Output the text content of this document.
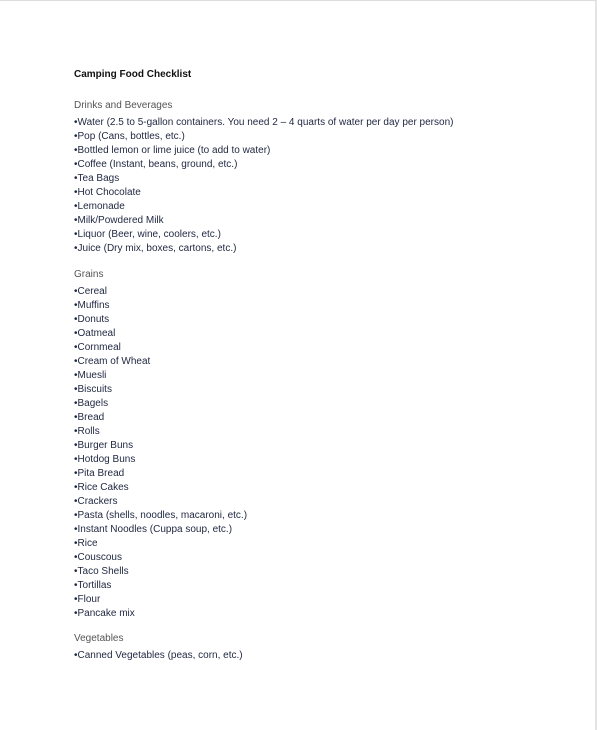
Camping Food Checklist
Drinks and Beverages
•Water (2.5 to 5-gallon containers. You need 2 – 4 quarts of water per day per person)
•Pop (Cans, bottles, etc.)
•Bottled lemon or lime juice (to add to water)
•Coffee (Instant, beans, ground, etc.)
•Tea Bags
•Hot Chocolate
•Lemonade
•Milk/Powdered Milk
•Liquor (Beer, wine, coolers, etc.)
•Juice (Dry mix, boxes, cartons, etc.)
Grains
•Cereal
•Muffins
•Donuts
•Oatmeal
•Cornmeal
•Cream of Wheat
•Muesli
•Biscuits
•Bagels
•Bread
•Rolls
•Burger Buns
•Hotdog Buns
•Pita Bread
•Rice Cakes
•Crackers
•Pasta (shells, noodles, macaroni, etc.)
•Instant Noodles (Cuppa soup, etc.)
•Rice
•Couscous
•Taco Shells
•Tortillas
•Flour
•Pancake mix
Vegetables
•Canned Vegetables (peas, corn, etc.)
